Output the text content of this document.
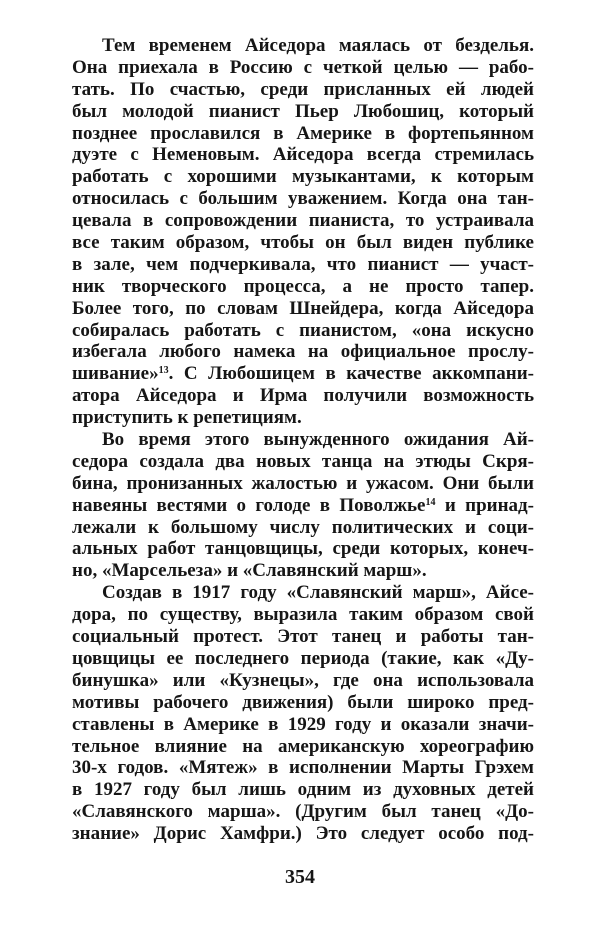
Тем временем Айседора маялась от безделья.
Она приехала в Россию с четкой целью — рабо-
тать. По счастью, среди присланных ей людей
был молодой пианист Пьер Любошиц, который
позднее прославился в Америке в фортепьянном
дуэте с Неменовым. Айседора всегда стремилась
работать с хорошими музыкантами, к которым
относилась с большим уважением. Когда она тан-
цевала в сопровождении пианиста, то устраивала
все таким образом, чтобы он был виден публике
в зале, чем подчеркивала, что пианист — участ-
ник творческого процесса, а не просто тапер.
Более того, по словам Шнейдера, когда Айседора
собиралась работать с пианистом, «она искусно
избегала любого намека на официальное прослу-
шивание»$^{13}$. С Любошицем в качестве аккомпани-
атора Айседора и Ирма получили возможность
приступить к репетициям.
Во время этого вынужденного ожидания Ай-
седора создала два новых танца на этюды Скря-
бина, пронизанных жалостью и ужасом. Они были
навеяны вестями о голоде в Поволжье$^{14}$ и принад-
лежали к большому числу политических и соци-
альных работ танцовщицы, среди которых, конеч-
но, «Марсельеза» и «Славянский марш».
Создав в 1917 году «Славянский марш», Айсе-
дора, по существу, выразила таким образом свой
социальный протест. Этот танец и работы тан-
цовщицы ее последнего периода (такие, как «Ду-
бинушка» или «Кузнецы», где она использовала
мотивы рабочего движения) были широко пред-
ставлены в Америке в 1929 году и оказали значи-
тельное влияние на американскую хореографию
30-х годов. «Мятеж» в исполнении Марты Грэхем
в 1927 году был лишь одним из духовных детей
«Славянского марша». (Другим был танец «До-
знание» Дорис Хамфри.) Это следует особо под-
354
